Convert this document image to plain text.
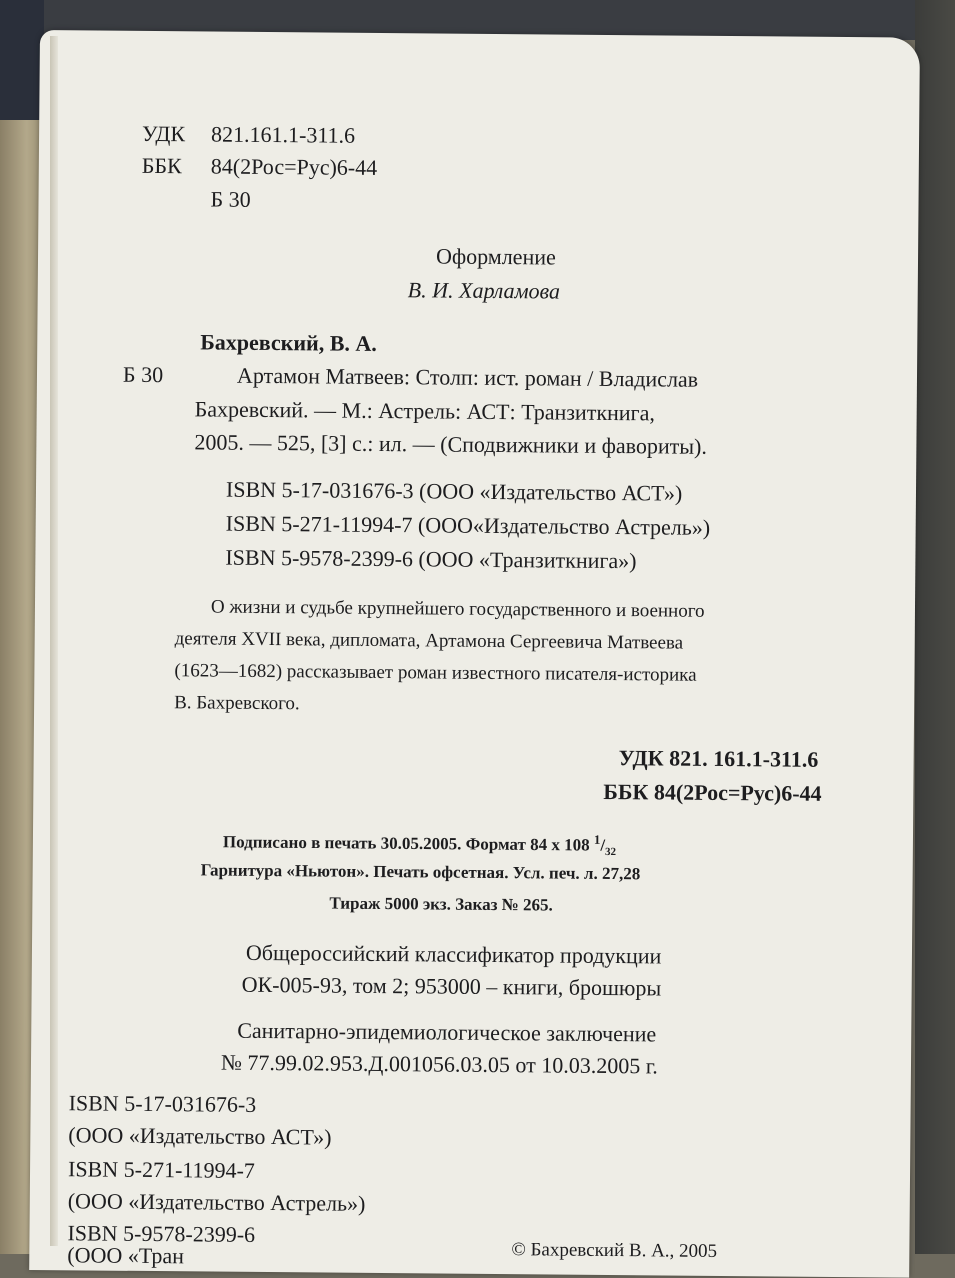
УДК 821.161.1-311.6
ББК 84(2Рос=Рус)6-44
Б 30
Оформление
В. И. Харламова
Бахревский, В. А.
Б 30	Артамон Матвеев: Столп: ист. роман / Владислав
Бахревский. — М.: Астрель: АСТ: Транзиткнига,
2005. — 525, [3] с.: ил. — (Сподвижники и фавориты).
ISBN 5-17-031676-3 (ООО «Издательство АСТ»)
ISBN 5-271-11994-7 (ООО«Издательство Астрель»)
ISBN 5-9578-2399-6 (ООО «Транзиткнига»)
О жизни и судьбе крупнейшего государственного и военного
деятеля XVII века, дипломата, Артамона Сергеевича Матвеева
(1623—1682) рассказывает роман известного писателя-историка
В. Бахревского.
УДК 821. 161.1-311.6
ББК 84(2Рос=Рус)6-44
Подписано в печать 30.05.2005. Формат 84 x 108 $^1/_{32}$
Гарнитура «Ньютон». Печать офсетная. Усл. печ. л. 27,28
Тираж 5000 экз. Заказ № 265.
Общероссийский классификатор продукции
ОК-005-93, том 2; 953000 – книги, брошюры
Санитарно-эпидемиологическое заключение
№ 77.99.02.953.Д.001056.03.05 от 10.03.2005 г.
ISBN 5-17-031676-3
(ООО «Издательство АСТ»)
ISBN 5-271-11994-7
(ООО «Издательство Астрель»)
ISBN 5-9578-2399-6
(ООО «Тран	© Бахревский В. А., 2005
